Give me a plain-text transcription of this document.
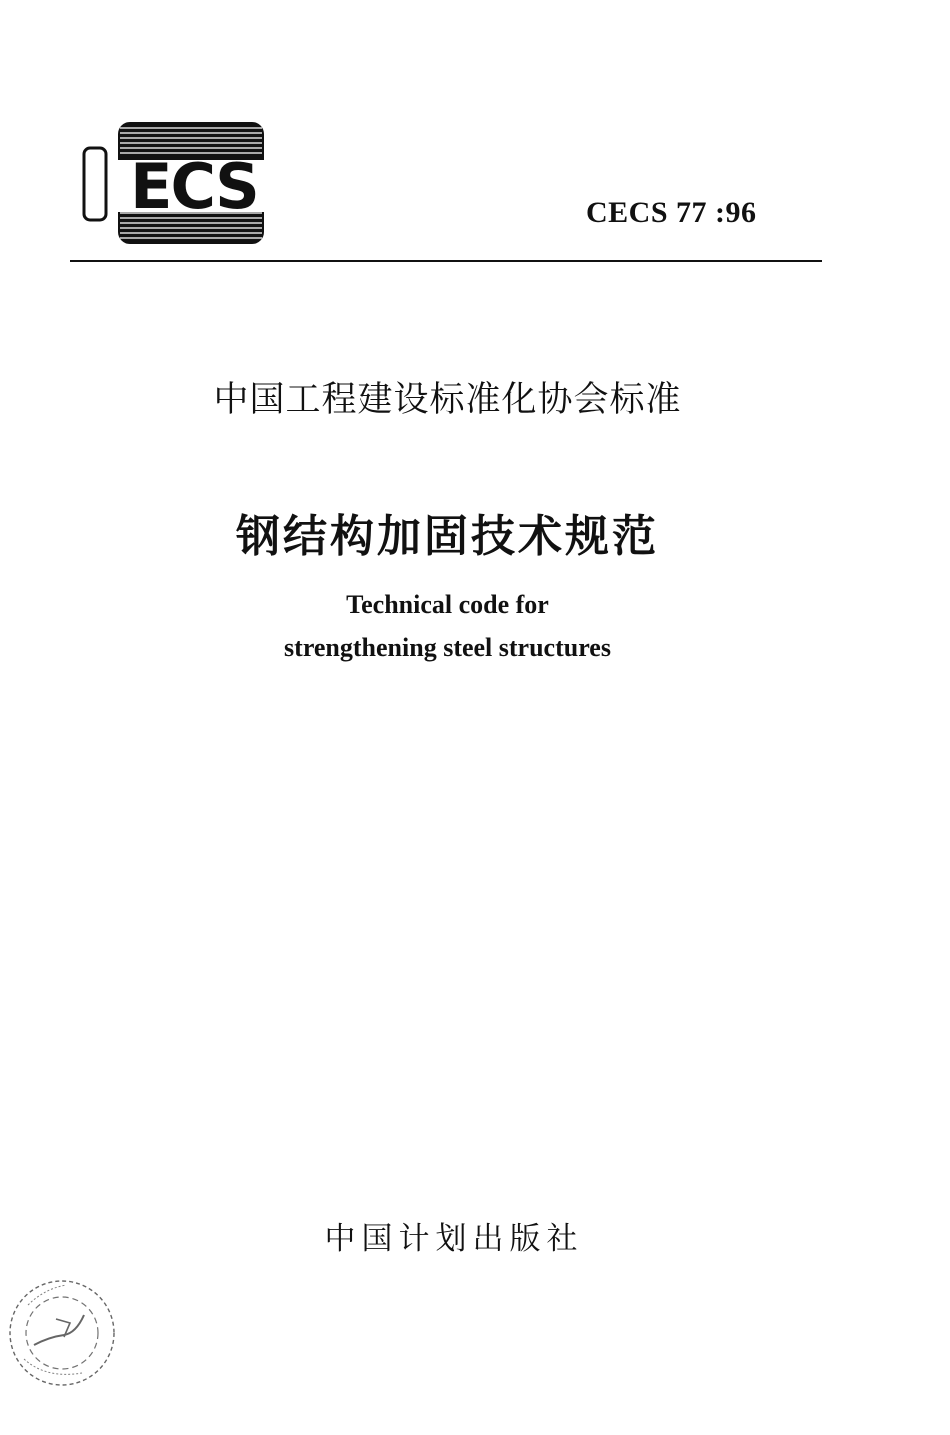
ECS	CECS 77 :96
中国工程建设标准化协会标准
钢结构加固技术规范
Technical code for
strengthening steel structures
中国计划出版社
